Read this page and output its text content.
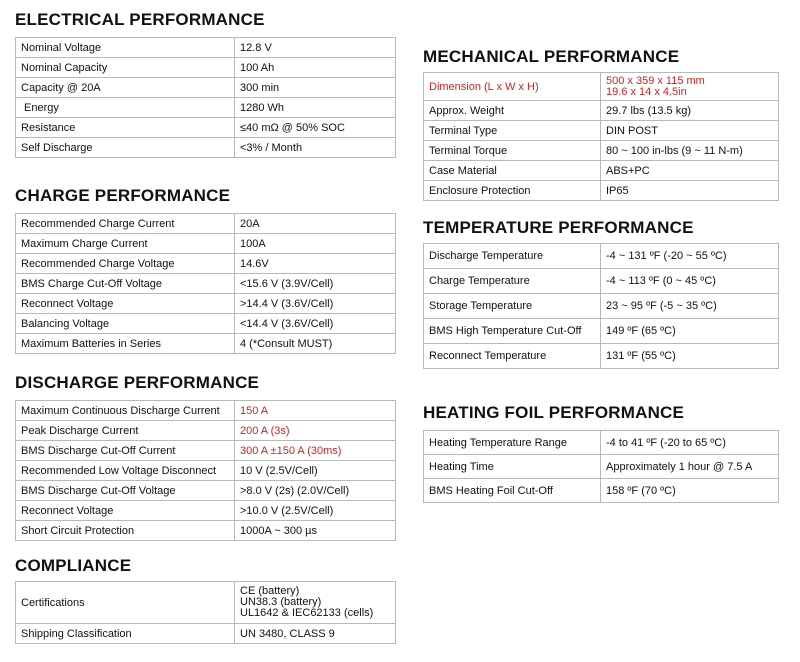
ELECTRICAL PERFORMANCE
Nominal Voltage	12.8 V
Nominal Capacity	100 Ah
Capacity @ 20A	300 min
Energy	1280 Wh
Resistance	≤40 mΩ @ 50% SOC
Self Discharge	<3% / Month
CHARGE PERFORMANCE
Recommended Charge Current	20A
Maximum Charge Current	100A
Recommended Charge Voltage	14.6V
BMS Charge Cut-Off Voltage	<15.6 V (3.9V/Cell)
Reconnect Voltage	>14.4 V (3.6V/Cell)
Balancing Voltage	<14.4 V (3.6V/Cell)
Maximum Batteries in Series	4 (*Consult MUST)
DISCHARGE PERFORMANCE
Maximum Continuous Discharge Current	150 A
Peak Discharge Current	200 A (3s)
BMS Discharge Cut-Off Current	300 A ±150 A (30ms)
Recommended Low Voltage Disconnect	10 V (2.5V/Cell)
BMS Discharge Cut-Off Voltage	>8.0 V (2s) (2.0V/Cell)
Reconnect Voltage	>10.0 V (2.5V/Cell)
Short Circuit Protection	1000A ~ 300 µs
COMPLIANCE
Certifications	CE (battery)
UN38.3 (battery)
UL1642 & IEC62133 (cells)

Shipping Classification	UN 3480, CLASS 9
MECHANICAL PERFORMANCE
Dimension (L x W x H)	500 x 359 x 115 mm
19.6 x 14 x 4.5in

Approx. Weight	29.7 lbs (13.5 kg)
Terminal Type	DIN POST
Terminal Torque	80 ~ 100 in-lbs (9 ~ 11 N-m)
Case Material	ABS+PC
Enclosure Protection	IP65
TEMPERATURE PERFORMANCE
Discharge Temperature	-4 ~ 131 ºF (-20 ~ 55 ºC)
Charge Temperature	-4 ~ 113 ºF (0 ~ 45 ºC)
Storage Temperature	23 ~ 95 ºF (-5 ~ 35 ºC)
BMS High Temperature Cut-Off	149 ºF (65 ºC)
Reconnect Temperature	131 ºF (55 ºC)
HEATING FOIL PERFORMANCE
Heating Temperature Range	-4 to 41 ºF (-20 to 65 ºC)
Heating Time	Approximately 1 hour @ 7.5 A
BMS Heating Foil Cut-Off	158 ºF (70 ºC)
